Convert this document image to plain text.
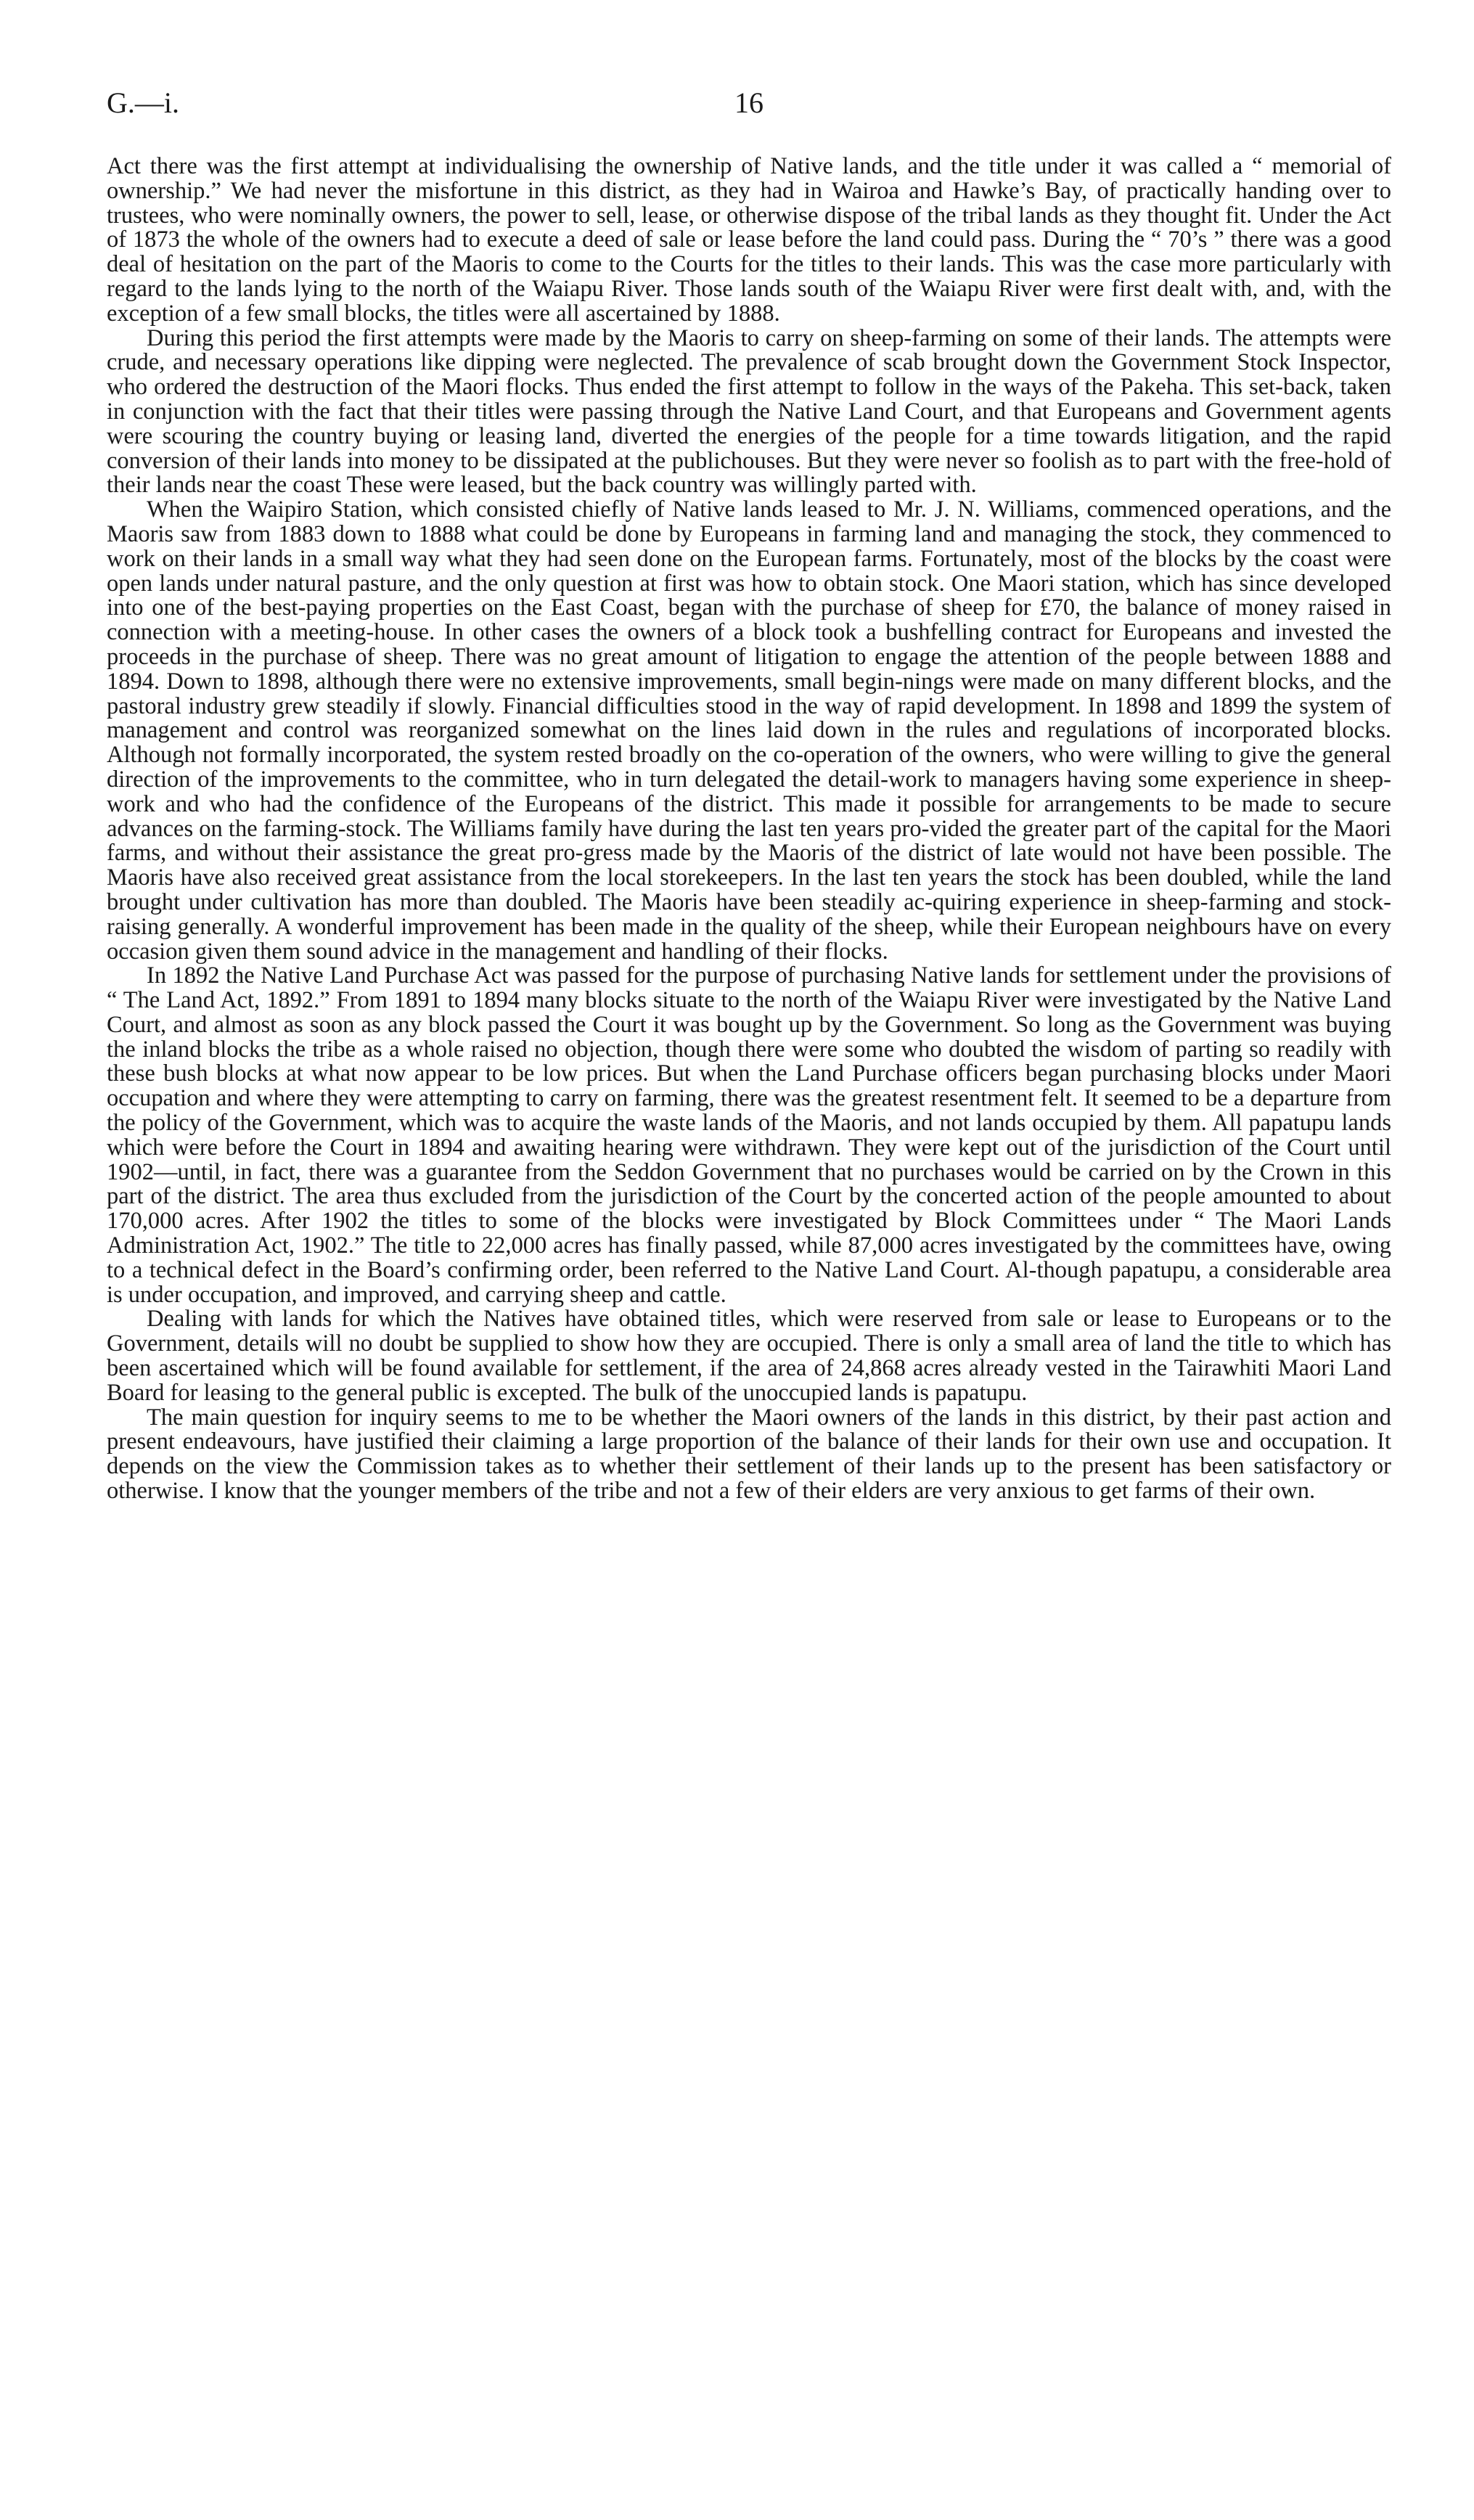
G.—i.	16

Act there was the first attempt at individualising the ownership of Native lands, and the title under it was called a “ memorial of ownership.” We had never the misfortune in this district, as they had in Wairoa and Hawke’s Bay, of practically handing over to trustees, who were nominally owners, the power to sell, lease, or otherwise dispose of the tribal lands as they thought fit. Under the Act of 1873 the whole of the owners had to execute a deed of sale or lease before the land could pass. During the “ 70’s ” there was a good deal of hesitation on the part of the Maoris to come to the Courts for the titles to their lands. This was the case more particularly with regard to the lands lying to the north of the Waiapu River. Those lands south of the Waiapu River were first dealt with, and, with the exception of a few small blocks, the titles were all ascertained by 1888.

During this period the first attempts were made by the Maoris to carry on sheep-farming on some of their lands. The attempts were crude, and necessary operations like dipping were neglected. The prevalence of scab brought down the Government Stock Inspector, who ordered the destruction of the Maori flocks. Thus ended the first attempt to follow in the ways of the Pakeha. This set-back, taken in conjunction with the fact that their titles were passing through the Native Land Court, and that Europeans and Government agents were scouring the country buying or leasing land, diverted the energies of the people for a time towards litigation, and the rapid conversion of their lands into money to be dissipated at the publichouses. But they were never so foolish as to part with the free-hold of their lands near the coast These were leased, but the back country was willingly parted with.

When the Waipiro Station, which consisted chiefly of Native lands leased to Mr. J. N. Williams, commenced operations, and the Maoris saw from 1883 down to 1888 what could be done by Europeans in farming land and managing the stock, they commenced to work on their lands in a small way what they had seen done on the European farms. Fortunately, most of the blocks by the coast were open lands under natural pasture, and the only question at first was how to obtain stock. One Maori station, which has since developed into one of the best-paying properties on the East Coast, began with the purchase of sheep for £70, the balance of money raised in connection with a meeting-house. In other cases the owners of a block took a bushfelling contract for Europeans and invested the proceeds in the purchase of sheep. There was no great amount of litigation to engage the attention of the people between 1888 and 1894. Down to 1898, although there were no extensive improvements, small begin-nings were made on many different blocks, and the pastoral industry grew steadily if slowly. Financial difficulties stood in the way of rapid development. In 1898 and 1899 the system of management and control was reorganized somewhat on the lines laid down in the rules and regulations of incorporated blocks. Although not formally incorporated, the system rested broadly on the co-operation of the owners, who were willing to give the general direction of the improvements to the committee, who in turn delegated the detail-work to managers having some experience in sheep-work and who had the confidence of the Europeans of the district. This made it possible for arrangements to be made to secure advances on the farming-stock. The Williams family have during the last ten years pro-vided the greater part of the capital for the Maori farms, and without their assistance the great pro-gress made by the Maoris of the district of late would not have been possible. The Maoris have also received great assistance from the local storekeepers. In the last ten years the stock has been doubled, while the land brought under cultivation has more than doubled. The Maoris have been steadily ac-quiring experience in sheep-farming and stock-raising generally. A wonderful improvement has been made in the quality of the sheep, while their European neighbours have on every occasion given them sound advice in the management and handling of their flocks.

In 1892 the Native Land Purchase Act was passed for the purpose of purchasing Native lands for settlement under the provisions of “ The Land Act, 1892.” From 1891 to 1894 many blocks situate to the north of the Waiapu River were investigated by the Native Land Court, and almost as soon as any block passed the Court it was bought up by the Government. So long as the Government was buying the inland blocks the tribe as a whole raised no objection, though there were some who doubted the wisdom of parting so readily with these bush blocks at what now appear to be low prices. But when the Land Purchase officers began purchasing blocks under Maori occupation and where they were attempting to carry on farming, there was the greatest resentment felt. It seemed to be a departure from the policy of the Government, which was to acquire the waste lands of the Maoris, and not lands occupied by them. All papatupu lands which were before the Court in 1894 and awaiting hearing were withdrawn. They were kept out of the jurisdiction of the Court until 1902—until, in fact, there was a guarantee from the Seddon Government that no purchases would be carried on by the Crown in this part of the district. The area thus excluded from the jurisdiction of the Court by the concerted action of the people amounted to about 170,000 acres. After 1902 the titles to some of the blocks were investigated by Block Committees under “ The Maori Lands Administration Act, 1902.” The title to 22,000 acres has finally passed, while 87,000 acres investigated by the committees have, owing to a technical defect in the Board’s confirming order, been referred to the Native Land Court. Al-though papatupu, a considerable area is under occupation, and improved, and carrying sheep and cattle.

Dealing with lands for which the Natives have obtained titles, which were reserved from sale or lease to Europeans or to the Government, details will no doubt be supplied to show how they are occupied. There is only a small area of land the title to which has been ascertained which will be found available for settlement, if the area of 24,868 acres already vested in the Tairawhiti Maori Land Board for leasing to the general public is excepted. The bulk of the unoccupied lands is papatupu.

The main question for inquiry seems to me to be whether the Maori owners of the lands in this district, by their past action and present endeavours, have justified their claiming a large proportion of the balance of their lands for their own use and occupation. It depends on the view the Commission takes as to whether their settlement of their lands up to the present has been satisfactory or otherwise. I know that the younger members of the tribe and not a few of their elders are very anxious to get farms of their own.
